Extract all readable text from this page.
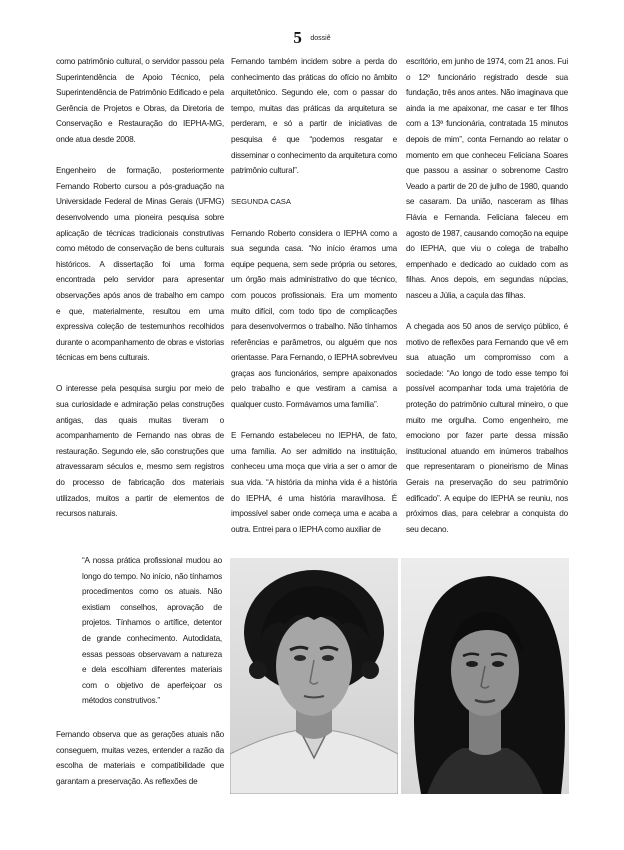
5 dossiê

como patrimônio cultural, o servidor passou pela Superintendência de Apoio Técnico, pela Superintendência de Patrimônio Edificado e pela Gerência de Projetos e Obras, da Diretoria de Conservação e Restauração do IEPHA-MG, onde atua desde 2008.

Engenheiro de formação, posteriormente Fernando Roberto cursou a pós-graduação na Universidade Federal de Minas Gerais (UFMG) desenvolvendo uma pioneira pesquisa sobre aplicação de técnicas tradicionais construtivas como método de conservação de bens culturais históricos. A dissertação foi uma forma encontrada pelo servidor para apresentar observações após anos de trabalho em campo e que, materialmente, resultou em uma expressiva coleção de testemunhos recolhidos durante o acompanhamento de obras e vistorias técnicas em bens culturais.

O interesse pela pesquisa surgiu por meio de sua curiosidade e admiração pelas construções antigas, das quais muitas tiveram o acompanhamento de Fernando nas obras de restauração. Segundo ele, são construções que atravessaram séculos e, mesmo sem registros do processo de fabricação dos materiais utilizados, muitos a partir de elementos de recursos naturais.

“A nossa prática profissional mudou ao longo do tempo. No início, não tínhamos procedimentos como os atuais. Não existiam conselhos, aprovação de projetos. Tínhamos o artífice, detentor de grande conhecimento. Autodidata, essas pessoas observavam a natureza e dela escolhiam diferentes materiais com o objetivo de aperfeiçoar os métodos construtivos.”
Fernando observa que as gerações atuais não conseguem, muitas vezes, entender a razão da escolha de materiais e compatibilidade que garantam a preservação. As reflexões de

Fernando também incidem sobre a perda do conhecimento das práticas do ofício no âmbito arquitetônico. Segundo ele, com o passar do tempo, muitas das práticas da arquitetura se perderam, e só a partir de iniciativas de pesquisa é que “podemos resgatar e disseminar o conhecimento da arquitetura como patrimônio cultural”.

SEGUNDA CASA

Fernando Roberto considera o IEPHA como a sua segunda casa. “No início éramos uma equipe pequena, sem sede própria ou setores, um órgão mais administrativo do que técnico, com poucos profissionais. Era um momento muito difícil, com todo tipo de complicações para desenvolvermos o trabalho. Não tínhamos referências e parâmetros, ou alguém que nos orientasse. Para Fernando, o IEPHA sobreviveu graças aos funcionários, sempre apaixonados pelo trabalho e que vestiram a camisa a qualquer custo. Formávamos uma família”.

E Fernando estabeleceu no IEPHA, de fato, uma família. Ao ser admitido na instituição, conheceu uma moça que viria a ser o amor de sua vida. “A história da minha vida é a história do IEPHA, é uma história maravilhosa. É impossível saber onde começa uma e acaba a outra. Entrei para o IEPHA como auxiliar de

escritório, em junho de 1974, com 21 anos. Fui o 12º funcionário registrado desde sua fundação, três anos antes. Não imaginava que ainda ia me apaixonar, me casar e ter filhos com a 13ª funcionária, contratada 15 minutos depois de mim”, conta Fernando ao relatar o momento em que conheceu Felicíana Soares que passou a assinar o sobrenome Castro Veado a partir de 20 de julho de 1980, quando se casaram. Da união, nasceram as filhas Flávia e Fernanda. Felicíana faleceu em agosto de 1987, causando comoção na equipe do IEPHA, que viu o colega de trabalho empenhado e dedicado ao cuidado com as filhas. Anos depois, em segundas núpcias, nasceu a Júlia, a caçula das filhas.

A chegada aos 50 anos de serviço público, é motivo de reflexões para Fernando que vê em sua atuação um compromisso com a sociedade: “Ao longo de todo esse tempo foi possível acompanhar toda uma trajetória de proteção do patrimônio cultural mineiro, o que muito me orgulha. Como engenheiro, me emociono por fazer parte dessa missão institucional atuando em inúmeros trabalhos que representaram o pioneirismo de Minas Gerais na preservação do seu patrimônio edificado”. A equipe do IEPHA se reuniu, nos próximos dias, para celebrar a conquista do seu decano.
